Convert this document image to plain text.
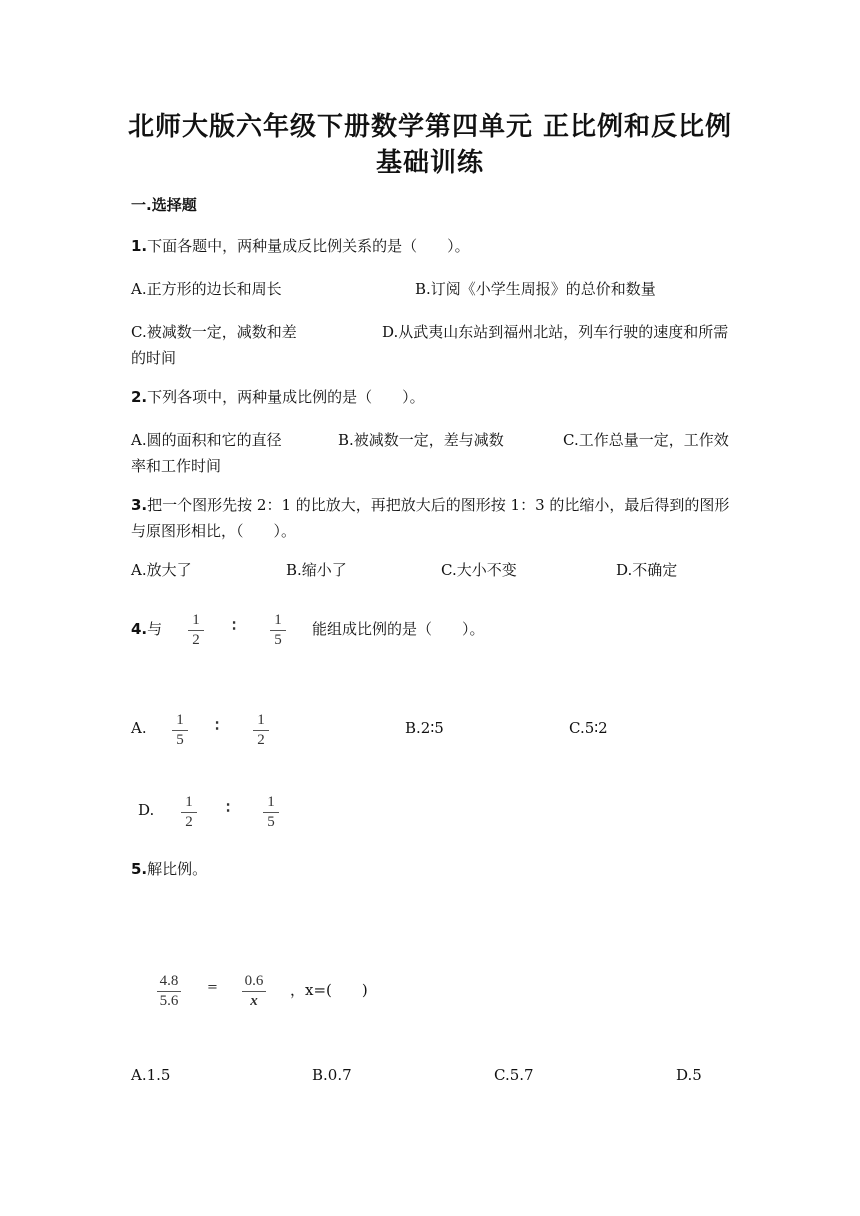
北师大版六年级下册数学第四单元 正比例和反比例
基础训练
一.选择题
1.下面各题中，两种量成反比例关系的是（　　）。
A.正方形的边长和周长	B.订阅《小学生周报》的总价和数量
C.被减数一定，减数和差	D.从武夷山东站到福州北站，列车行驶的速度和所需的时间
2.下列各项中，两种量成比例的是（　　）。
A.圆的面积和它的直径	B.被减数一定，差与减数	C.工作总量一定，工作效率和工作时间
3.把一个图形先按 2：1 的比放大，再把放大后的图形按 1：3 的比缩小，最后得到的图形与原图形相比，（　　）。
A.放大了	B.缩小了	C.大小不变	D.不确定
4.与 1
2
∶	1
5
能组成比例的是（　　）。
A. 1
5
∶	1
2
B.2∶5	C.5∶2
D. 1
2
∶ 1
5
5.解比例。
4.8
5.6
= 0.6
x
，x=(　　)
A.1.5	B.0.7	C.5.7	D.5
